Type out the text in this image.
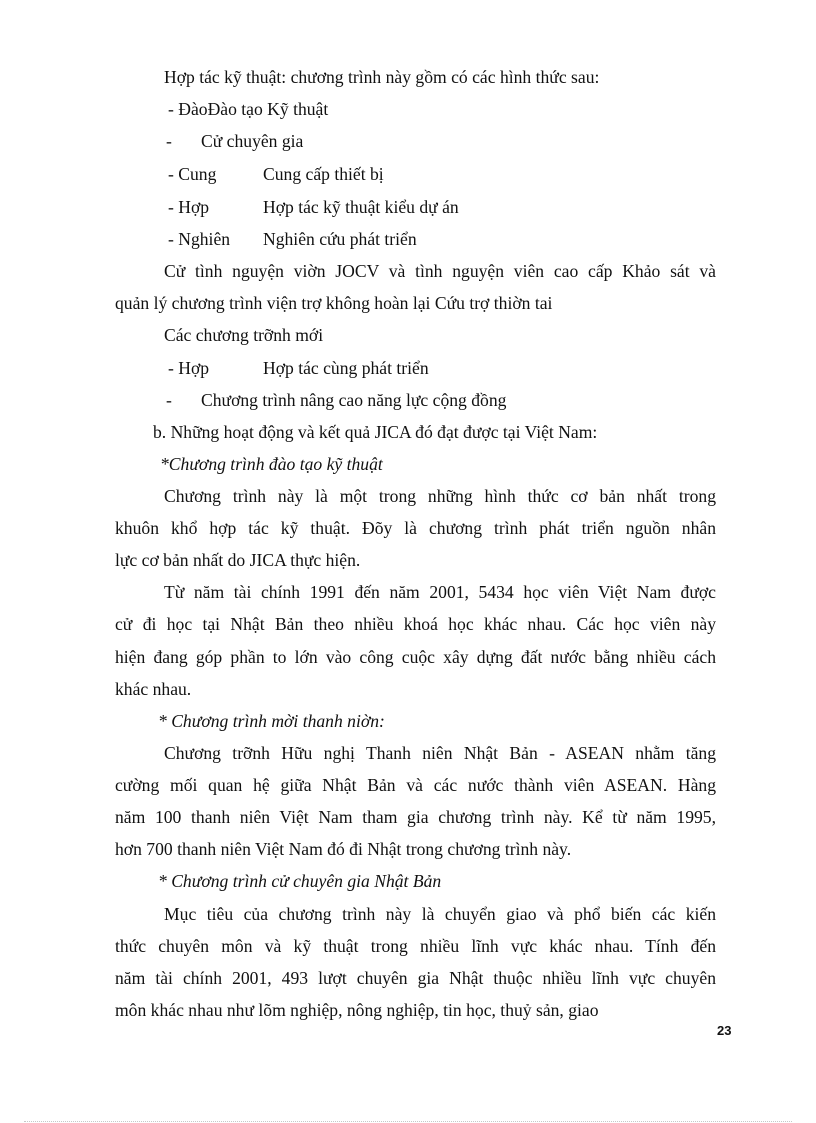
Hợp tác kỹ thuật: chương trình này gồm có các hình thức sau:
- ĐàoĐào tạo Kỹ thuật
- Cử chuyên gia
- Cung	Cung cấp thiết bị
- Hợp	Hợp tác kỹ thuật kiểu dự án
- Nghiên Nghiên cứu phát triển
Cử tình nguyện viờn JOCV và tình nguyện viên cao cấp Khảo sát và
quản lý chương trình viện trợ không hoàn lại Cứu trợ thiờn tai
Các chương trỡnh mới
- Hợp	Hợp tác cùng phát triển
- Chương trình nâng cao năng lực cộng đồng
b. Những hoạt động và kết quả JICA đó đạt được tại Việt Nam:
*Chương trình đào tạo kỹ thuật
Chương trình này là một trong những hình thức cơ bản nhất trong
khuôn khổ hợp tác kỹ thuật. Đõy là chương trình phát triển nguồn nhân
lực cơ bản nhất do JICA thực hiện.
Từ năm tài chính 1991 đến năm 2001, 5434 học viên Việt Nam được
cử đi học tại Nhật Bản theo nhiều khoá học khác nhau. Các học viên này
hiện đang góp phần to lớn vào công cuộc xây dựng đất nước bằng nhiều cách
khác nhau.
* Chương trình mời thanh niờn:
Chương trỡnh Hữu nghị Thanh niên Nhật Bản - ASEAN nhằm tăng
cường mối quan hệ giữa Nhật Bản và các nước thành viên ASEAN. Hàng
năm 100 thanh niên Việt Nam tham gia chương trình này. Kể từ năm 1995,
hơn 700 thanh niên Việt Nam đó đi Nhật trong chương trình này.
* Chương trình cử chuyên gia Nhật Bản
Mục tiêu của chương trình này là chuyển giao và phổ biến các kiến
thức chuyên môn và kỹ thuật trong nhiều lĩnh vực khác nhau. Tính đến
năm tài chính 2001, 493 lượt chuyên gia Nhật thuộc nhiều lĩnh vực chuyên
môn khác nhau như lõm nghiệp, nông nghiệp, tin học, thuỷ sản, giao
23
